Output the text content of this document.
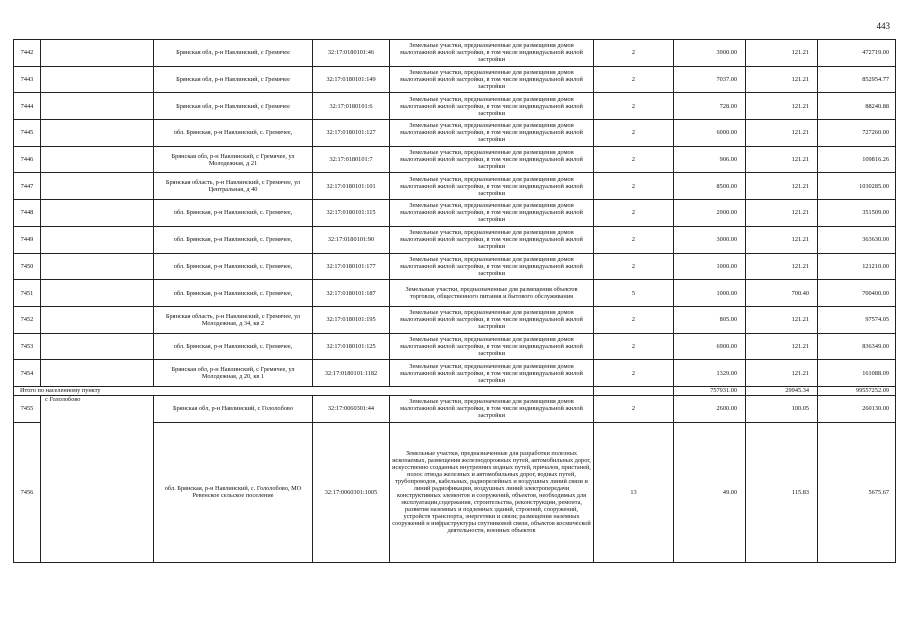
443
7442		Брянская обл, р-н Навлинский, с Гремячее	32:17:0180101:46	Земельные участки, предназначенные для размещения домов малоэтажной жилой застройки, в том числе индивидуальной жилой застройки	2	3900.00	121.21	472719.00
7443		Брянская обл, р-н Навлинский, с Гремячее	32:17:0180101:149	Земельные участки, предназначенные для размещения домов малоэтажной жилой застройки, в том числе индивидуальной жилой застройки	2	7037.00	121.21	852954.77
7444		Брянская обл, р-н Навлинский, с Гремячее	32:17:0180101:6	Земельные участки, предназначенные для размещения домов малоэтажной жилой застройки, в том числе индивидуальной жилой застройки	2	728.00	121.21	88240.88
7445		обл. Брянская, р-н Навлинский, с. Гремячее,	32:17:0180101:127	Земельные участки, предназначенные для размещения домов малоэтажной жилой застройки, в том числе индивидуальной жилой застройки	2	6000.00	121.21	727260.00
7446		Брянская обл, р-н Навлинский, с Гремячее, ул Молодежная, д 21	32:17:0180101:7	Земельные участки, предназначенные для размещения домов малоэтажной жилой застройки, в том числе индивидуальной жилой застройки	2	906.00	121.21	109816.26
7447		Брянская область, р-н Навлинский, с Гремячее, ул Центральная, д 40	32:17:0180101:101	Земельные участки, предназначенные для размещения домов малоэтажной жилой застройки, в том числе индивидуальной жилой застройки	2	8500.00	121.21	1030285.00
7448		обл. Брянская, р-н Навлинский, с. Гремячее,	32:17:0180101:115	Земельные участки, предназначенные для размещения домов малоэтажной жилой застройки, в том числе индивидуальной жилой застройки	2	2900.00	121.21	351509.00
7449		обл. Брянская, р-н Навлинский, с. Гремячее,	32:17:0180101:90	Земельные участки, предназначенные для размещения домов малоэтажной жилой застройки, в том числе индивидуальной жилой застройки	2	3000.00	121.21	363630.00
7450		обл. Брянская, р-н Навлинский, с. Гремячее,	32:17:0180101:177	Земельные участки, предназначенные для размещения домов малоэтажной жилой застройки, в том числе индивидуальной жилой застройки	2	1000.00	121.21	121210.00
7451		обл. Брянская, р-н Навлинский, с. Гремячее,	32:17:0180101:187	Земельные участки, предназначенные для размещения объектов торговли, общественного питания и бытового обслуживания	5	1000.00	700.40	700400.00
7452		Брянская область, р-н Навлинский, с Гремячее, ул Молодежная, д 34, кв 2	32:17:0180101:195	Земельные участки, предназначенные для размещения домов малоэтажной жилой застройки, в том числе индивидуальной жилой застройки	2	805.00	121.21	97574.05
7453		обл. Брянская, р-н Навлинский, с. Гремячее,	32:17:0180101:125	Земельные участки, предназначенные для размещения домов малоэтажной жилой застройки, в том числе индивидуальной жилой застройки	2	6900.00	121.21	836349.00
7454		Брянская обл, р-н Навлинский, с Гремячее, ул Молодежная, д 20, кв 1	32:17:0180101:1182	Земельные участки, предназначенные для размещения домов малоэтажной жилой застройки, в том числе индивидуальной жилой застройки	2	1329.00	121.21	161088.09
Итого по населенному пункту						757931.00	29945.34	99557252.09
7455	с Гололобово	Брянская обл, р-н Навлинский, с Гололобово	32:17:0060301:44	Земельные участки, предназначенные для размещения домов малоэтажной жилой застройки, в том числе индивидуальной жилой застройки	2	2600.00	100.05	260130.00
7456		обл. Брянская, р-н Навлинский, с. Гололобово, МО Ревенское сельское поселение	32:17:0060301:1005	Земельные участки, предназначенные для разработки полезных ископаемых, размещения железнодорожных путей, автомобильных дорог, искусственно созданных внутренних водных путей, причалов, пристаней, полос отвода железных и автомобильных дорог, водных путей, трубопроводов, кабельных, радиорелейных и воздушных линий связи и линий радиофикации, воздушных линий электропередачи конструктивных элементов и сооружений, объектов, необходимых для эксплуатации,содержания, строительства, реконструкции, ремонта, развития наземных и подземных зданий, строений, сооружений, устройств транспорта, энергетики и связи; размещения наземных сооружений и инфраструктуры спутниковой связи, объектов космической деятельности, военных объектов	13	49.00	115.83	5675.67
